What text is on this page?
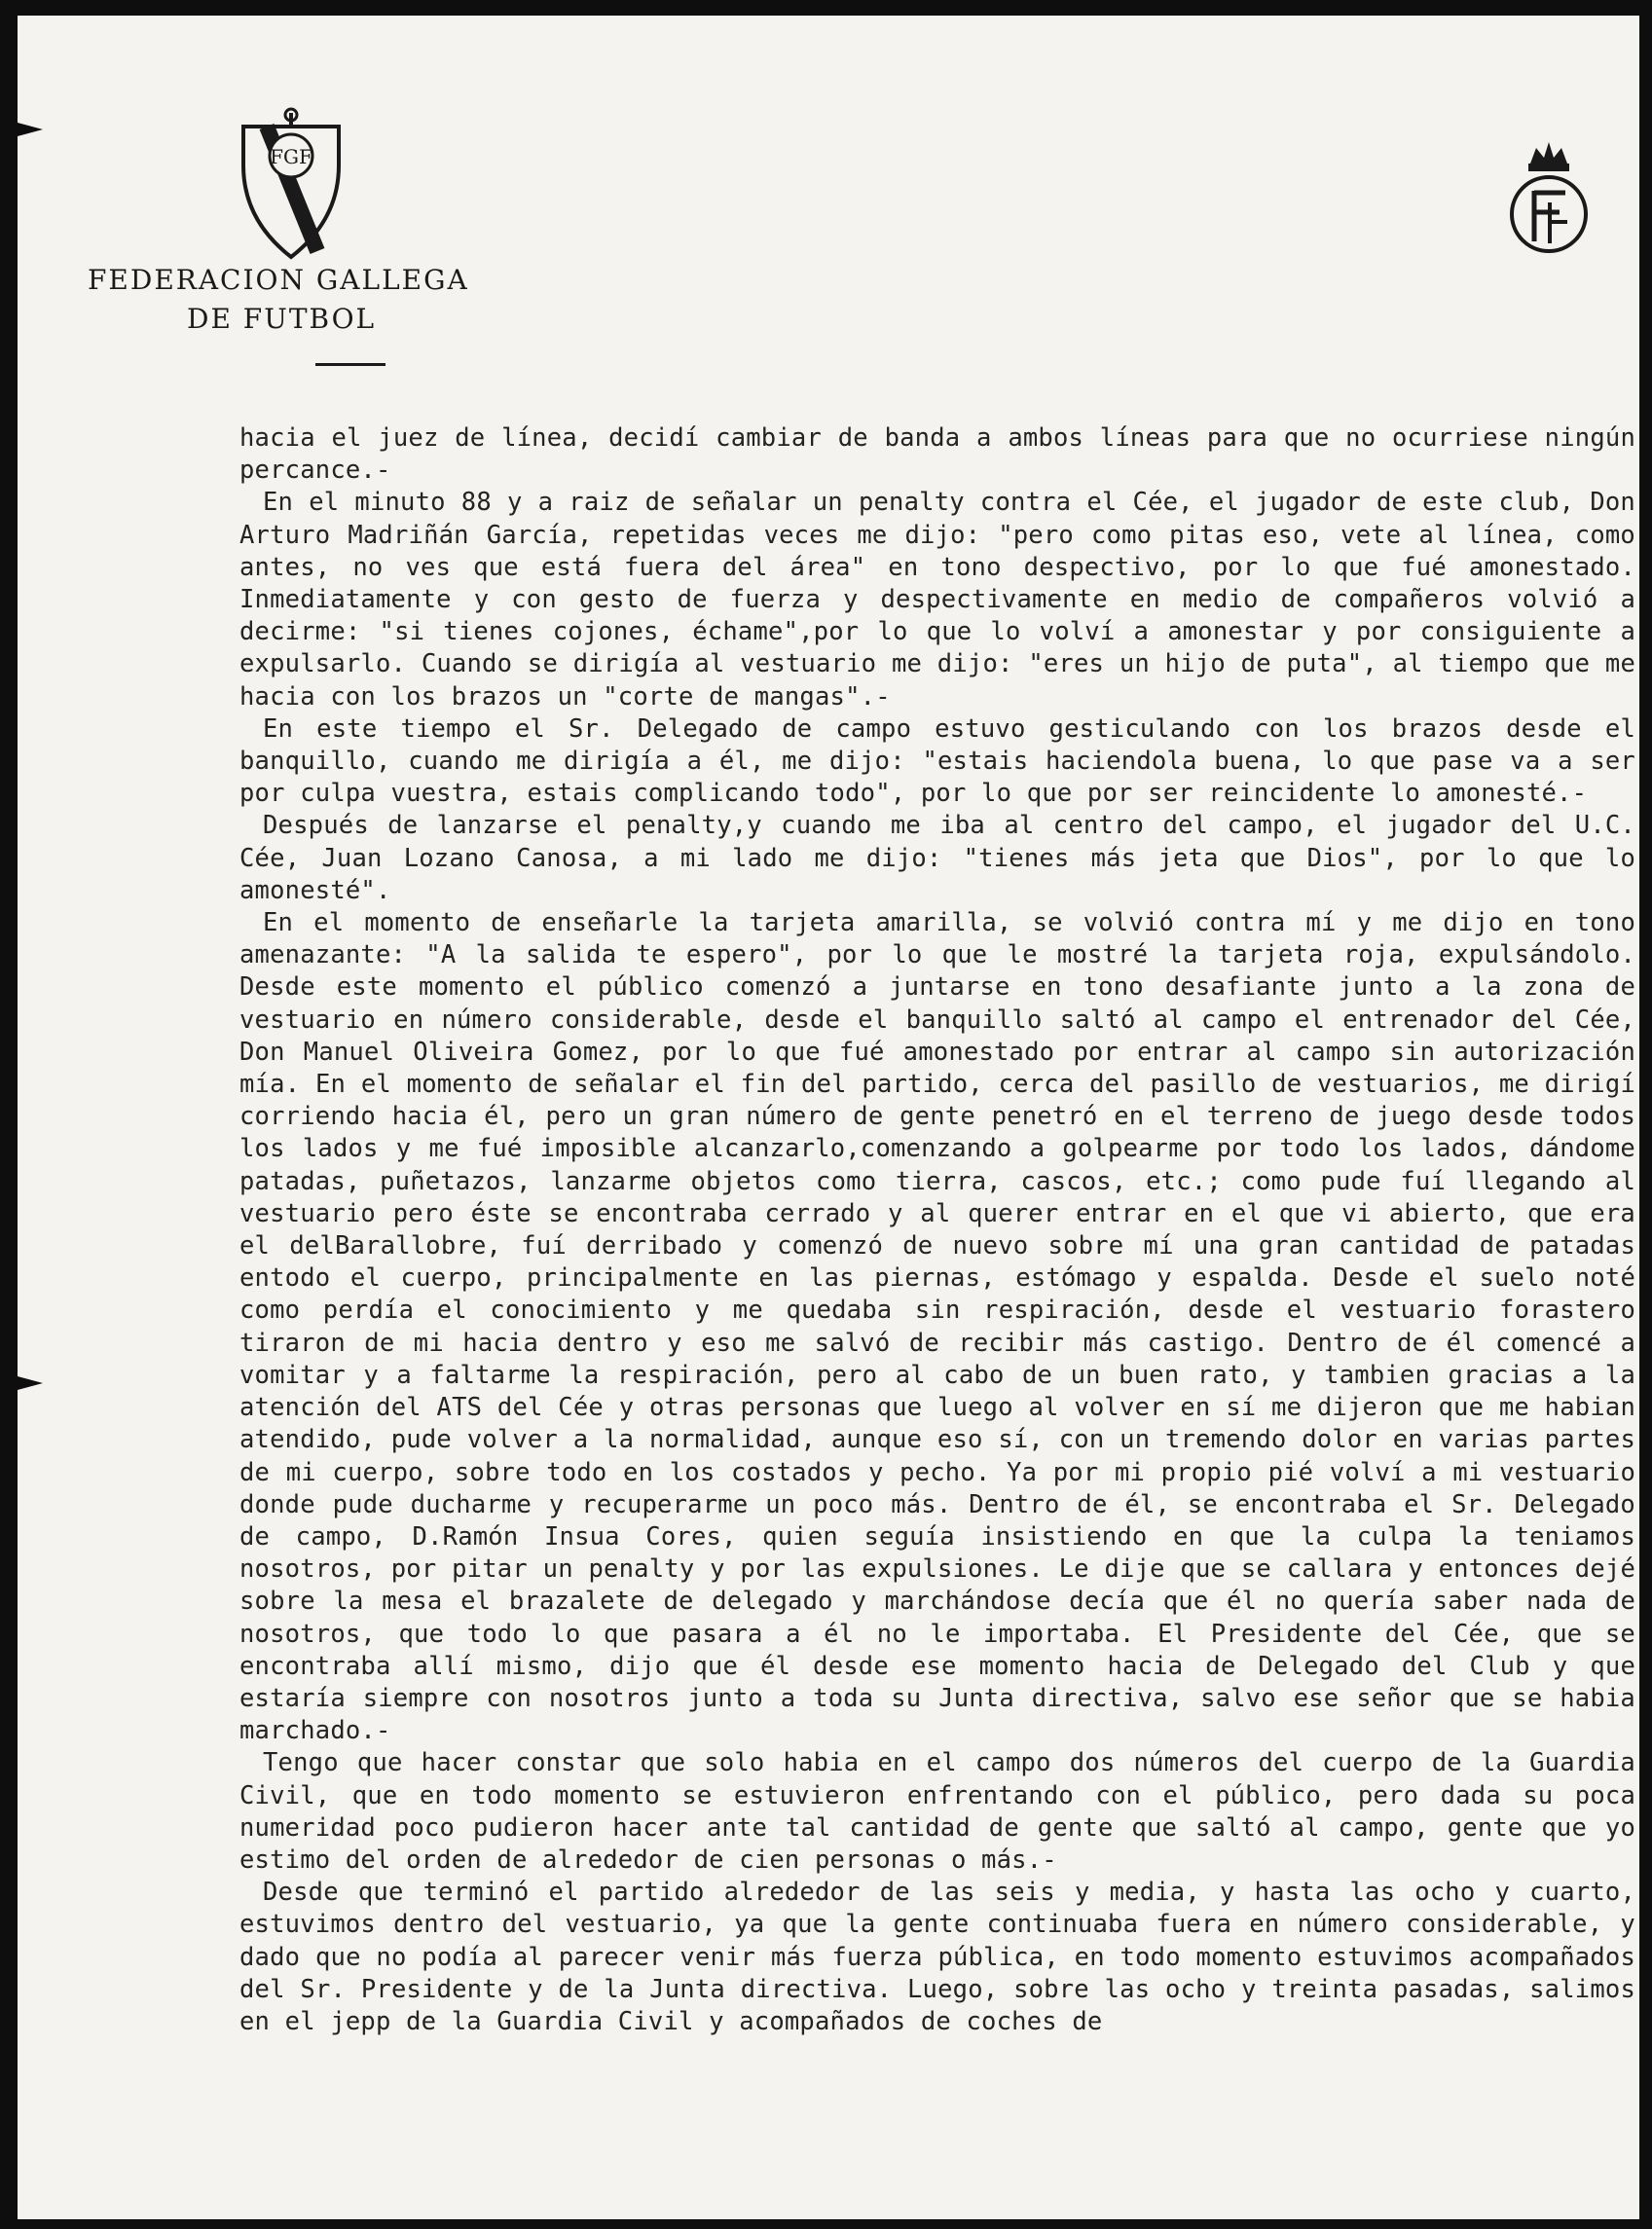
FGF
FEDERACION GALLEGA
DE FUTBOL

hacia el juez de línea, decidí cambiar de banda a ambos líneas para que no ocurriese ningún percance.-

En el minuto 88 y a raiz de señalar un penalty contra el Cée, el jugador de este club, Don Arturo Madriñán García, repetidas veces me dijo: "pero como pitas eso, vete al línea, como antes, no ves que está fuera del área" en tono despectivo, por lo que fué amonestado. Inmediatamente y con gesto de fuerza y despectivamente en medio de compañeros volvió a decirme: "si tienes cojones, échame",por lo que lo volví a amonestar y por consiguiente a expulsarlo. Cuando se dirigía al vestuario me dijo: "eres un hijo de puta", al tiempo que me hacia con los brazos un "corte de mangas".-

En este tiempo el Sr. Delegado de campo estuvo gesticulando con los brazos desde el banquillo, cuando me dirigía a él, me dijo: "estais haciendola buena, lo que pase va a ser por culpa vuestra, estais complicando todo", por lo que por ser reincidente lo amonesté.-

Después de lanzarse el penalty,y cuando me iba al centro del campo, el jugador del U.C. Cée, Juan Lozano Canosa, a mi lado me dijo: "tienes más jeta que Dios", por lo que lo amonesté".

En el momento de enseñarle la tarjeta amarilla, se volvió contra mí y me dijo en tono amenazante: "A la salida te espero", por lo que le mostré la tarjeta roja, expulsándolo. Desde este momento el público comenzó a juntarse en tono desafiante junto a la zona de vestuario en número considerable, desde el banquillo saltó al campo el entrenador del Cée, Don Manuel Oliveira Gomez, por lo que fué amonestado por entrar al campo sin autorización mía. En el momento de señalar el fin del partido, cerca del pasillo de vestuarios, me dirigí corriendo hacia él, pero un gran número de gente penetró en el terreno de juego desde todos los lados y me fué imposible alcanzarlo,comenzando a golpearme por todo los lados, dándome patadas, puñetazos, lanzarme objetos como tierra, cascos, etc.; como pude fuí llegando al vestuario pero éste se encontraba cerrado y al querer entrar en el que vi abierto, que era el delBarallobre, fuí derribado y comenzó de nuevo sobre mí una gran cantidad de patadas entodo el cuerpo, principalmente en las piernas, estómago y espalda. Desde el suelo noté como perdía el conocimiento y me quedaba sin respiración, desde el vestuario forastero tiraron de mi hacia dentro y eso me salvó de recibir más castigo. Dentro de él comencé a vomitar y a faltarme la respiración, pero al cabo de un buen rato, y tambien gracias a la atención del ATS del Cée y otras personas que luego al volver en sí me dijeron que me habian atendido, pude volver a la normalidad, aunque eso sí, con un tremendo dolor en varias partes de mi cuerpo, sobre todo en los costados y pecho. Ya por mi propio pié volví a mi vestuario donde pude ducharme y recuperarme un poco más. Dentro de él, se encontraba el Sr. Delegado de campo, D.Ramón Insua Cores, quien seguía insistiendo en que la culpa la teniamos nosotros, por pitar un penalty y por las expulsiones. Le dije que se callara y entonces dejé sobre la mesa el brazalete de delegado y marchándose decía que él no quería saber nada de nosotros, que todo lo que pasara a él no le importaba. El Presidente del Cée, que se encontraba allí mismo, dijo que él desde ese momento hacia de Delegado del Club y que estaría siempre con nosotros junto a toda su Junta directiva, salvo ese señor que se habia marchado.-

Tengo que hacer constar que solo habia en el campo dos números del cuerpo de la Guardia Civil, que en todo momento se estuvieron enfrentando con el público, pero dada su poca numeridad poco pudieron hacer ante tal cantidad de gente que saltó al campo, gente que yo estimo del orden de alrededor de cien personas o más.-

Desde que terminó el partido alrededor de las seis y media, y hasta las ocho y cuarto, estuvimos dentro del vestuario, ya que la gente continuaba fuera en número considerable, y dado que no podía al parecer venir más fuerza pública, en todo momento estuvimos acompañados del Sr. Presidente y de la Junta directiva. Luego, sobre las ocho y treinta pasadas, salimos en el jepp de la Guardia Civil y acompañados de coches de
